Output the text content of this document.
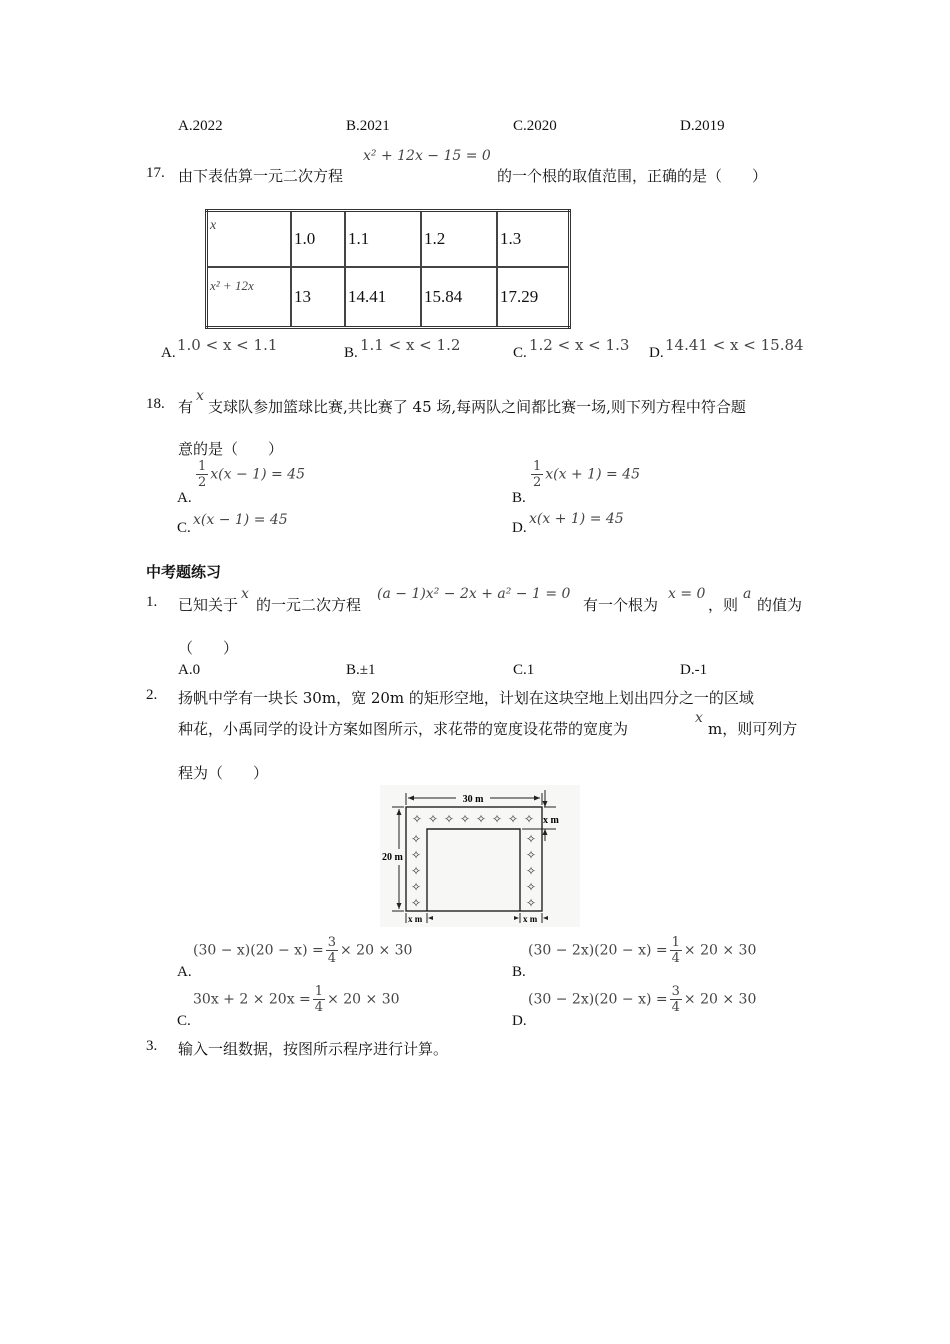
A.2022	B.2021	C.2020	D.2019
17. 由下表估算一元二次方程
x² + 12x − 15 = 0
的一个根的取值范围，正确的是（　　）
x	1.0	1.1	1.2	1.3
x² + 12x	13	14.41	15.84	17.29
A. 1.0 < x < 1.1	B. 1.1 < x < 1.2	C. 1.2 < x < 1.3 D. 14.41 < x < 15.84
18. 有
x
支球队参加篮球比赛,共比赛了 45 场,每两队之间都比赛一场,则下列方程中符合题
意的是（　　）
A.
$\frac{1}{2} x(x - 1) = 45$
B.
$\frac{1}{2} x(x + 1) = 45$
C. x(x − 1) = 45	D.
x(x + 1) = 45
中考题练习
1. 已知关于
x
的一元二次方程
(a − 1)x² − 2x + a² − 1 = 0
有一个根为
x = 0
，则
a
的值为
（　　）
A.0	B.±1	C.1	D.-1
2. 扬帆中学有一块长 30m，宽 20m 的矩形空地，计划在这块空地上划出四分之一的区域
种花，小禹同学的设计方案如图所示，求花带的宽度设花带的宽度为
x
m，则可列方
程为（　　）
30 m
20 m
x m
x m	x m
✧ ✧ ✧ ✧ ✧ ✧ ✧ ✧
✧
✧
✧
✧
✧
✧
✧
✧
✧
✧
A.
$(30 - x)(20 - x) = \frac{3}{4} \times 20 \times 30$
B.
$(30 - 2x)(20 - x) = \frac{1}{4} \times 20 \times 30$
C.
$30x + 2 \times 20x = \frac{1}{4} \times 20 \times 30$
D.
$(30 - 2x)(20 - x) = \frac{3}{4} \times 20 \times 30$
3. 输入一组数据，按图所示程序进行计算。
